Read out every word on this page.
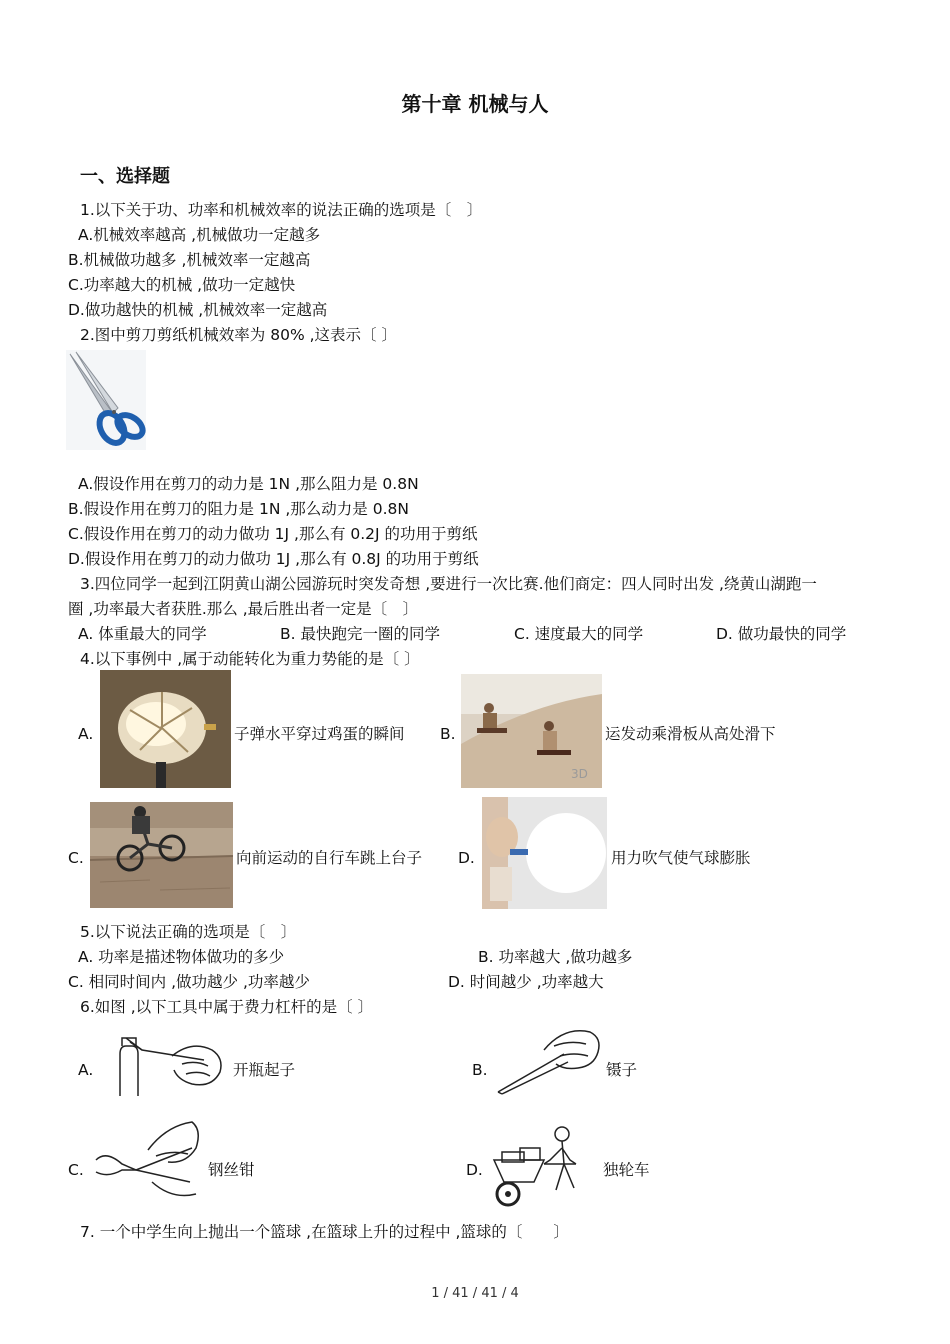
第十章 机械与人
一、选择题
1.以下关于功、功率和机械效率的说法正确的选项是〔　〕
A.机械效率越高 ,机械做功一定越多
B.机械做功越多 ,机械效率一定越高
C.功率越大的机械 ,做功一定越快
D.做功越快的机械 ,机械效率一定越高
2.图中剪刀剪纸机械效率为 80% ,这表示〔 〕
A.假设作用在剪刀的动力是 1N ,那么阻力是 0.8N
B.假设作用在剪刀的阻力是 1N ,那么动力是 0.8N
C.假设作用在剪刀的动力做功 1J ,那么有 0.2J 的功用于剪纸
D.假设作用在剪刀的动力做功 1J ,那么有 0.8J 的功用于剪纸
3.四位同学一起到江阴黄山湖公园游玩时突发奇想 ,要进行一次比赛.他们商定：四人同时出发 ,绕黄山湖跑一
圈 ,功率最大者获胜.那么 ,最后胜出者一定是〔　〕
A. 体重最大的同学	B. 最快跑完一圈的同学	C. 速度最大的同学	D. 做功最快的同学
4.以下事例中 ,属于动能转化为重力势能的是〔 〕
A.	子弹水平穿过鸡蛋的瞬间 B.
3D
运发动乘滑板从高处滑下
C.	向前运动的自行车跳上台子 D.	用力吹气使气球膨胀
5.以下说法正确的选项是〔　〕
A. 功率是描述物体做功的多少	B. 功率越大 ,做功越多
C. 相同时间内 ,做功越少 ,功率越少	D. 时间越少 ,功率越大
6.如图 ,以下工具中属于费力杠杆的是〔 〕
A.	开瓶起子	B.	镊子
C.	钢丝钳	D.	独轮车
7. 一个中学生向上抛出一个篮球 ,在篮球上升的过程中 ,篮球的〔　　〕
1 / 41 / 41 / 4
